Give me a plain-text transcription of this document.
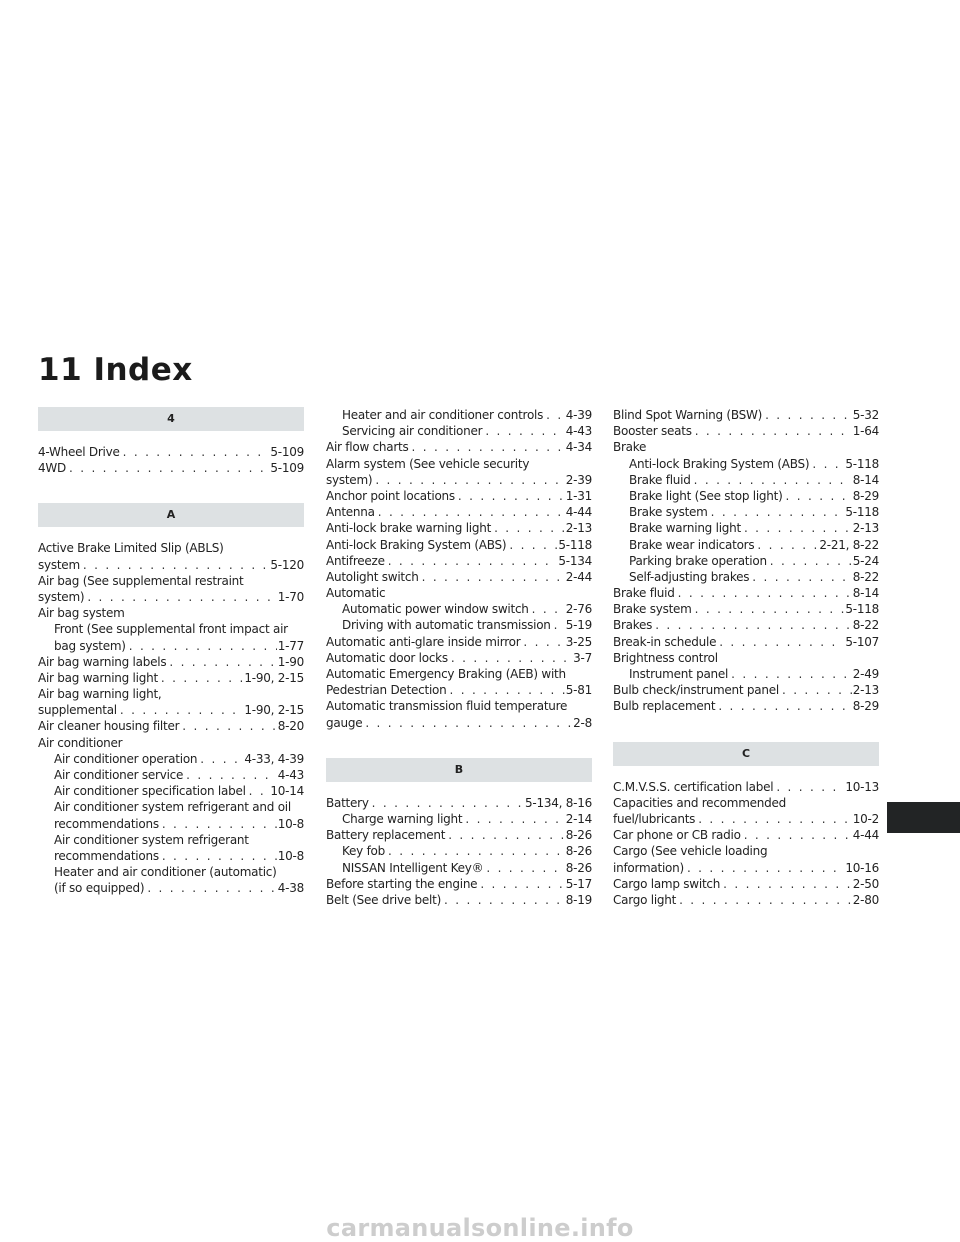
11 Index
4
4-Wheel Drive . . .	5-109
4WD . . .	5-109
A
Active Brake Limited Slip (ABLS)
system . . .	5-120
Air bag (See supplemental restraint
system) . . .	1-70
Air bag system
Front (See supplemental front impact air
bag system) . . .	1-77
Air bag warning labels . . .	1-90
Air bag warning light . . .	1-90, 2-15
Air bag warning light,
supplemental . . .	1-90, 2-15
Air cleaner housing filter . . .	8-20
Air conditioner
Air conditioner operation . . .	4-33, 4-39
Air conditioner service . . .	4-43
Air conditioner specification label . . . 10-14
Air conditioner system refrigerant and oil
recommendations . . .	10-8
Air conditioner system refrigerant
recommendations . . .	10-8
Heater and air conditioner (automatic)
(if so equipped) . . .	4-38
Heater and air conditioner controls . . . 4-39
Servicing air conditioner . . .	4-43
Air flow charts . . .	4-34
Alarm system (See vehicle security
system) . . .	2-39
Anchor point locations . . .	1-31
Antenna . . .	4-44
Anti-lock brake warning light . . .	2-13
Anti-lock Braking System (ABS) . . .	5-118
Antifreeze . . .	5-134
Autolight switch . . .	2-44
Automatic
Automatic power window switch . . .	2-76
Driving with automatic transmission . . . 5-19
Automatic anti-glare inside mirror . . .	3-25
Automatic door locks . . .	3-7
Automatic Emergency Braking (AEB) with
Pedestrian Detection . . .	5-81
Automatic transmission fluid temperature
gauge . . .	2-8
B
Battery . . .	5-134, 8-16
Charge warning light . . .	2-14
Battery replacement . . .	8-26
Key fob . . .	8-26
NISSAN Intelligent Key® . . .	8-26
Before starting the engine . . .	5-17
Belt (See drive belt) . . .	8-19
Blind Spot Warning (BSW) . . .	5-32
Booster seats . . .	1-64
Brake
Anti-lock Braking System (ABS) . . .	5-118
Brake fluid . . .	8-14
Brake light (See stop light) . . .	8-29
Brake system . . .	5-118
Brake warning light . . .	2-13
Brake wear indicators . . .	2-21, 8-22
Parking brake operation . . .	5-24
Self-adjusting brakes . . .	8-22
Brake fluid . . .	8-14
Brake system . . .	5-118
Brakes . . .	8-22
Break-in schedule . . .	5-107
Brightness control
Instrument panel . . .	2-49
Bulb check/instrument panel . . .	2-13
Bulb replacement . . .	8-29
C
C.M.V.S.S. certification label . . .	10-13
Capacities and recommended
fuel/lubricants . . .	10-2
Car phone or CB radio . . .	4-44
Cargo (See vehicle loading
information) . . .	10-16
Cargo lamp switch . . .	2-50
Cargo light . . .	2-80
carmanualsonline.info
